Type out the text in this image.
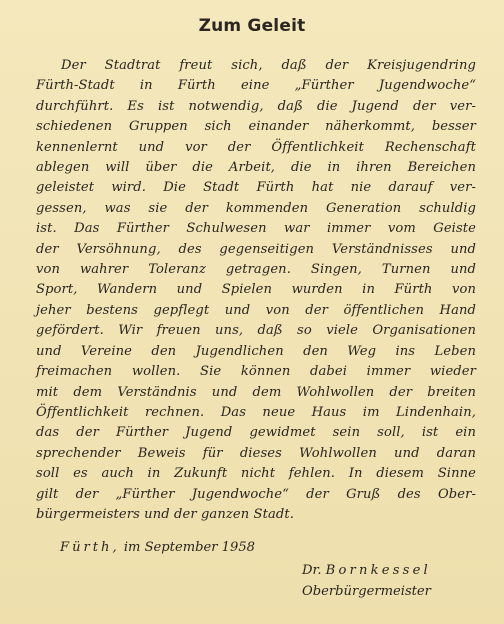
Zum Geleit
Der Stadtrat freut sich, daß der Kreisjugendring
Fürth-Stadt in Fürth eine „Fürther Jugendwoche“
durchführt. Es ist notwendig, daß die Jugend der ver-
schiedenen Gruppen sich einander näherkommt, besser
kennenlernt und vor der Öffentlichkeit Rechenschaft
ablegen will über die Arbeit, die in ihren Bereichen
geleistet wird. Die Stadt Fürth hat nie darauf ver-
gessen, was sie der kommenden Generation schuldig
ist. Das Fürther Schulwesen war immer vom Geiste
der Versöhnung, des gegenseitigen Verständnisses und
von wahrer Toleranz getragen. Singen, Turnen und
Sport, Wandern und Spielen wurden in Fürth von
jeher bestens gepflegt und von der öffentlichen Hand
gefördert. Wir freuen uns, daß so viele Organisationen
und Vereine den Jugendlichen den Weg ins Leben
freimachen wollen. Sie können dabei immer wieder
mit dem Verständnis und dem Wohlwollen der breiten
Öffentlichkeit rechnen. Das neue Haus im Lindenhain,
das der Fürther Jugend gewidmet sein soll, ist ein
sprechender Beweis für dieses Wohlwollen und daran
soll es auch in Zukunft nicht fehlen. In diesem Sinne
gilt der „Fürther Jugendwoche“ der Gruß des Ober-
bürgermeisters und der ganzen Stadt.
Fürth, im September 1958
Dr. Bornkessel
Oberbürgermeister
